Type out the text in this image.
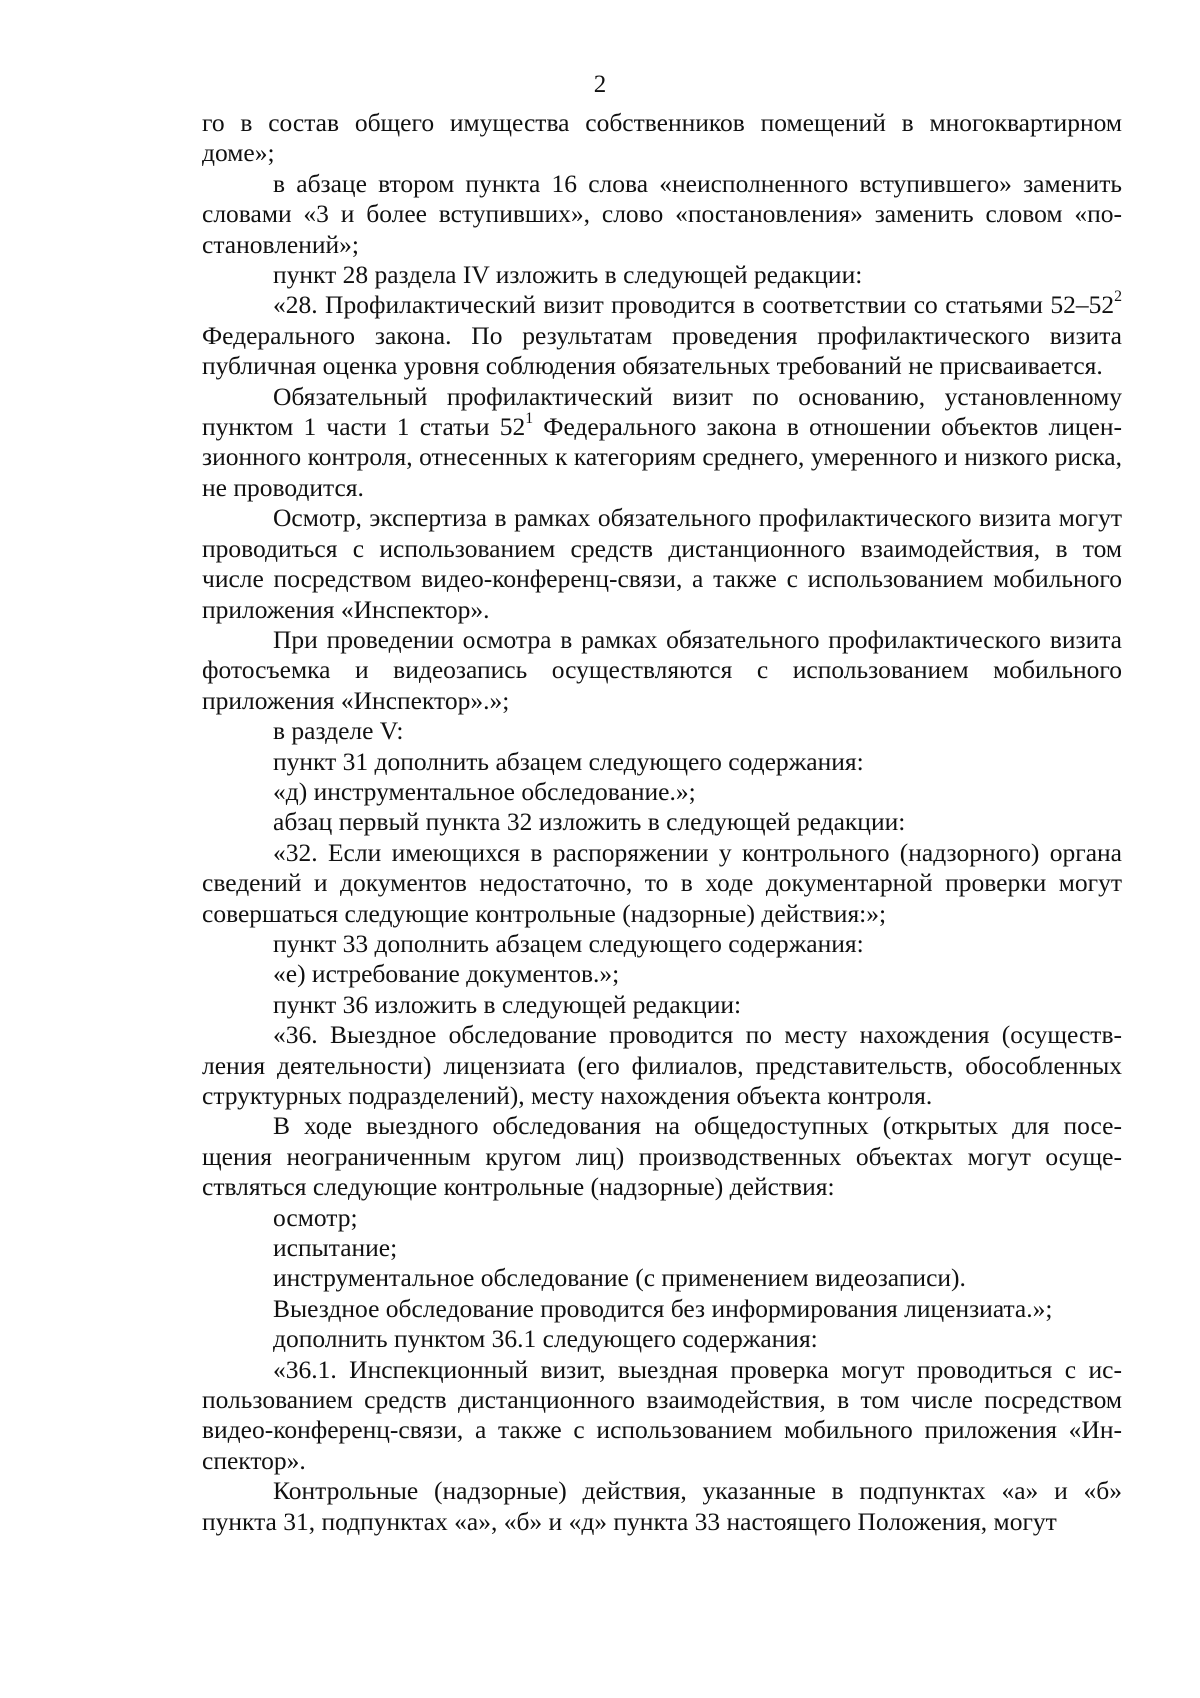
2

го в состав общего имущества собственников помещений в многоквартирном доме»;

в абзаце втором пункта 16 слова «неисполненного вступившего» заменить словами «3 и более вступивших», слово «постановления» заменить словом «постановлений»;

пункт 28 раздела IV изложить в следующей редакции:

«28. Профилактический визит проводится в соответствии со статьями $52-52^2$ Федерального закона. По результатам проведения профилактического визита публичная оценка уровня соблюдения обязательных требований не присваивается.

Обязательный профилактический визит по основанию, установленному пунктом 1 части 1 статьи $52^1$ Федерального закона в отношении объектов лицензионного контроля, отнесенных к категориям среднего, умеренного и низкого риска, не проводится.

Осмотр, экспертиза в рамках обязательного профилактического визита могут проводиться с использованием средств дистанционного взаимодействия, в том числе посредством видео-конференц-связи, а также с использованием мобильного приложения «Инспектор».

При проведении осмотра в рамках обязательного профилактического визита фотосъемка и видеозапись осуществляются с использованием мобильного приложения «Инспектор».»;

в разделе V:

пункт 31 дополнить абзацем следующего содержания:

«д) инструментальное обследование.»;

абзац первый пункта 32 изложить в следующей редакции:

«32. Если имеющихся в распоряжении у контрольного (надзорного) органа сведений и документов недостаточно, то в ходе документарной проверки могут совершаться следующие контрольные (надзорные) действия:»;

пункт 33 дополнить абзацем следующего содержания:

«е) истребование документов.»;

пункт 36 изложить в следующей редакции:

«36. Выездное обследование проводится по месту нахождения (осуществления деятельности) лицензиата (его филиалов, представительств, обособленных структурных подразделений), месту нахождения объекта контроля.

В ходе выездного обследования на общедоступных (открытых для посещения неограниченным кругом лиц) производственных объектах могут осуществляться следующие контрольные (надзорные) действия:

осмотр;

испытание;

инструментальное обследование (с применением видеозаписи).

Выездное обследование проводится без информирования лицензиата.»;

дополнить пунктом 36.1 следующего содержания:

«36.1. Инспекционный визит, выездная проверка могут проводиться с использованием средств дистанционного взаимодействия, в том числе посредством видео-конференц-связи, а также с использованием мобильного приложения «Инспектор».

Контрольные (надзорные) действия, указанные в подпунктах «а» и «б» пункта 31, подпунктах «а», «б» и «д» пункта 33 настоящего Положения, могут
